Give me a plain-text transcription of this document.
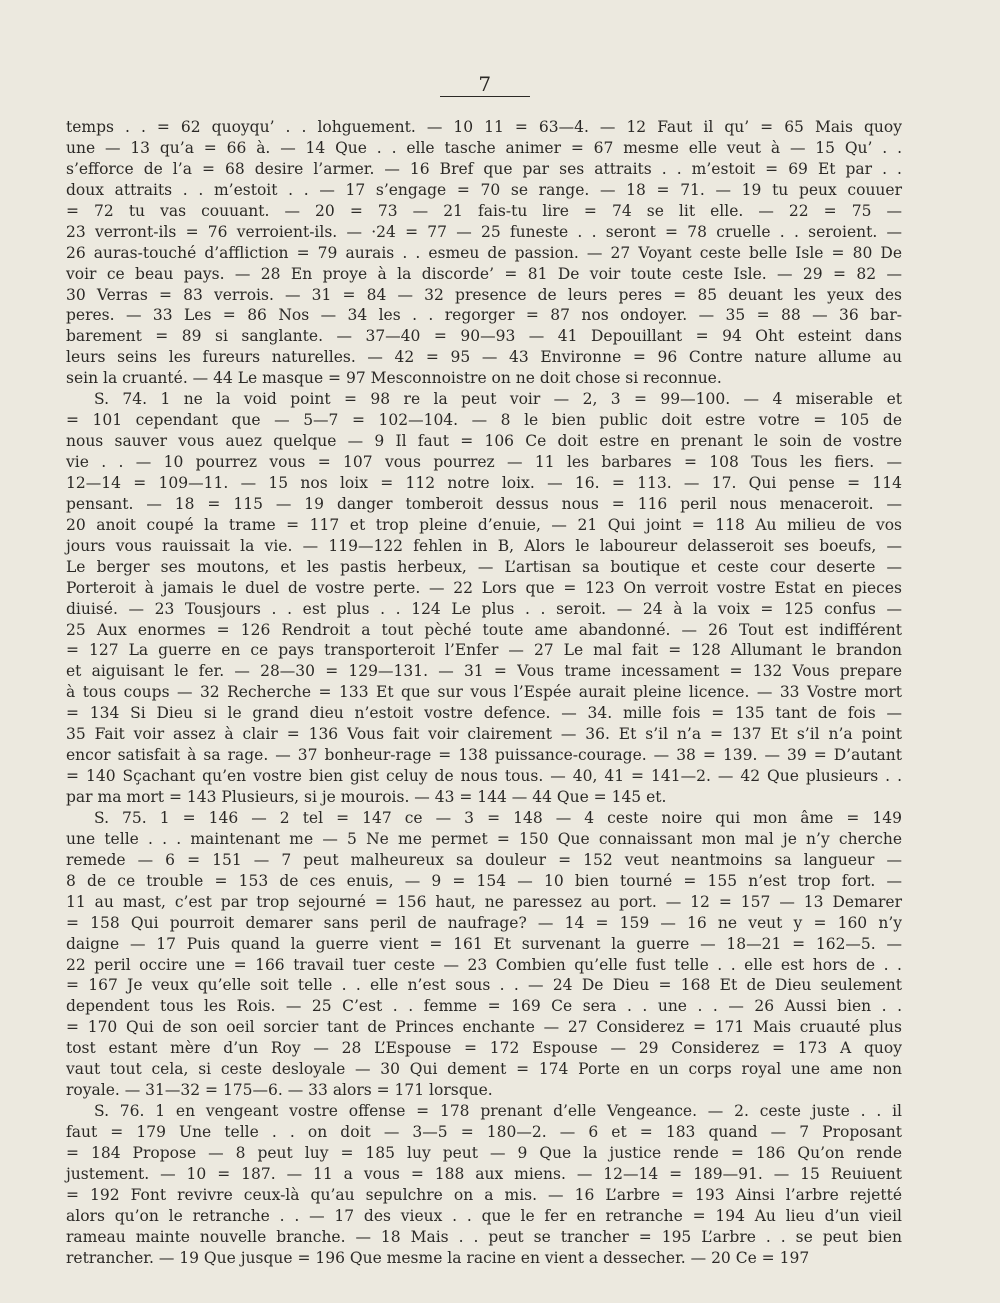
7
temps . . = 62 quoyqu’ . . lohguement. — 10 11 = 63—4. — 12 Faut il qu’ = 65 Mais quoy
une — 13 qu’a = 66 à. — 14 Que . . elle tasche animer = 67 mesme elle veut à — 15 Qu’ . .
s’efforce de l’a = 68 desire l’armer. — 16 Bref que par ses attraits . . m’estoit = 69 Et par . .
doux attraits . . m’estoit . . — 17 s’engage = 70 se range. — 18 = 71. — 19 tu peux couuer
= 72 tu vas couuant. — 20 = 73 — 21 fais-tu lire = 74 se lit elle. — 22 = 75 —
23 verront-ils = 76 verroient-ils. — ·24 = 77 — 25 funeste . . seront = 78 cruelle . . seroient. —
26 auras-touché d’affliction = 79 aurais . . esmeu de passion. — 27 Voyant ceste belle Isle = 80 De
voir ce beau pays. — 28 En proye à la discorde’ = 81 De voir toute ceste Isle. — 29 = 82 —
30 Verras = 83 verrois. — 31 = 84 — 32 presence de leurs peres = 85 deuant les yeux des
peres. — 33 Les = 86 Nos — 34 les . . regorger = 87 nos ondoyer. — 35 = 88 — 36 bar-
barement = 89 si sanglante. — 37—40 = 90—93 — 41 Depouillant = 94 Oht esteint dans
leurs seins les fureurs naturelles. — 42 = 95 — 43 Environne = 96 Contre nature allume au
sein la cruanté. — 44 Le masque = 97 Mesconnoistre on ne doit chose si reconnue.
S. 74. 1 ne la void point = 98 re la peut voir — 2, 3 = 99—100. — 4 miserable et
= 101 cependant que — 5—7 = 102—104. — 8 le bien public doit estre votre = 105 de
nous sauver vous auez quelque — 9 Il faut = 106 Ce doit estre en prenant le soin de vostre
vie . . — 10 pourrez vous = 107 vous pourrez — 11 les barbares = 108 Tous les fiers. —
12—14 = 109—11. — 15 nos loix = 112 notre loix. — 16. = 113. — 17. Qui pense = 114
pensant. — 18 = 115 — 19 danger tomberoit dessus nous = 116 peril nous menaceroit. —
20 anoit coupé la trame = 117 et trop pleine d’enuie, — 21 Qui joint = 118 Au milieu de vos
jours vous rauissait la vie. — 119—122 fehlen in B, Alors le laboureur delasseroit ses boeufs, —
Le berger ses moutons, et les pastis herbeux, — L’artisan sa boutique et ceste cour deserte —
Porteroit à jamais le duel de vostre perte. — 22 Lors que = 123 On verroit vostre Estat en pieces
diuisé. — 23 Tousjours . . est plus . . 124 Le plus . . seroit. — 24 à la voix = 125 confus —
25 Aux enormes = 126 Rendroit a tout pèché toute ame abandonné. — 26 Tout est indifférent
= 127 La guerre en ce pays transporteroit l’Enfer — 27 Le mal fait = 128 Allumant le brandon
et aiguisant le fer. — 28—30 = 129—131. — 31 = Vous trame incessament = 132 Vous prepare
à tous coups — 32 Recherche = 133 Et que sur vous l’Espée aurait pleine licence. — 33 Vostre mort
= 134 Si Dieu si le grand dieu n’estoit vostre defence. — 34. mille fois = 135 tant de fois —
35 Fait voir assez à clair = 136 Vous fait voir clairement — 36. Et s’il n’a = 137 Et s’il n’a point
encor satisfait à sa rage. — 37 bonheur-rage = 138 puissance-courage. — 38 = 139. — 39 = D’autant
= 140 Sçachant qu’en vostre bien gist celuy de nous tous. — 40, 41 = 141—2. — 42 Que plusieurs . .
par ma mort = 143 Plusieurs, si je mourois. — 43 = 144 — 44 Que = 145 et.
S. 75. 1 = 146 — 2 tel = 147 ce — 3 = 148 — 4 ceste noire qui mon âme = 149
une telle . . . maintenant me — 5 Ne me permet = 150 Que connaissant mon mal je n’y cherche
remede — 6 = 151 — 7 peut malheureux sa douleur = 152 veut neantmoins sa langueur —
8 de ce trouble = 153 de ces enuis, — 9 = 154 — 10 bien tourné = 155 n’est trop fort. —
11 au mast, c’est par trop sejourné = 156 haut, ne paressez au port. — 12 = 157 — 13 Demarer
= 158 Qui pourroit demarer sans peril de naufrage? — 14 = 159 — 16 ne veut y = 160 n’y
daigne — 17 Puis quand la guerre vient = 161 Et survenant la guerre — 18—21 = 162—5. —
22 peril occire une = 166 travail tuer ceste — 23 Combien qu’elle fust telle . . elle est hors de . .
= 167 Je veux qu’elle soit telle . . elle n’est sous . . — 24 De Dieu = 168 Et de Dieu seulement
dependent tous les Rois. — 25 C’est . . femme = 169 Ce sera . . une . . — 26 Aussi bien . .
= 170 Qui de son oeil sorcier tant de Princes enchante — 27 Considerez = 171 Mais cruauté plus
tost estant mère d’un Roy — 28 L’Espouse = 172 Espouse — 29 Considerez = 173 A quoy
vaut tout cela, si ceste desloyale — 30 Qui dement = 174 Porte en un corps royal une ame non
royale. — 31—32 = 175—6. — 33 alors = 171 lorsque.
S. 76. 1 en vengeant vostre offense = 178 prenant d’elle Vengeance. — 2. ceste juste . . il
faut = 179 Une telle . . on doit — 3—5 = 180—2. — 6 et = 183 quand — 7 Proposant
= 184 Propose — 8 peut luy = 185 luy peut — 9 Que la justice rende = 186 Qu’on rende
justement. — 10 = 187. — 11 a vous = 188 aux miens. — 12—14 = 189—91. — 15 Reuiuent
= 192 Font revivre ceux-là qu’au sepulchre on a mis. — 16 L’arbre = 193 Ainsi l’arbre rejetté
alors qu’on le retranche . . — 17 des vieux . . que le fer en retranche = 194 Au lieu d’un vieil
rameau mainte nouvelle branche. — 18 Mais . . peut se trancher = 195 L’arbre . . se peut bien
retrancher. — 19 Que jusque = 196 Que mesme la racine en vient a dessecher. — 20 Ce = 197
